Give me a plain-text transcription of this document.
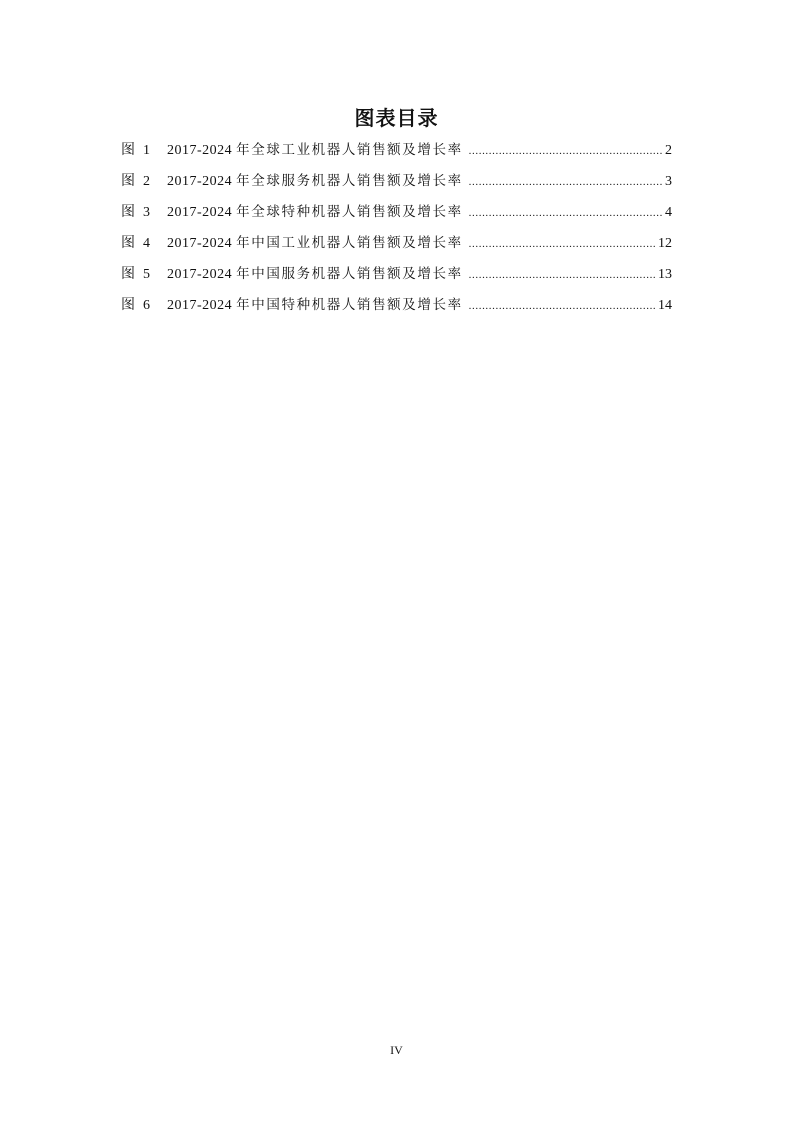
图表目录
图 1	2017-2024 年全球工业机器人销售额及增长率 .....	2
图 2	2017-2024 年全球服务机器人销售额及增长率 .....	3
图 3	2017-2024 年全球特种机器人销售额及增长率 .....	4
图 4	2017-2024 年中国工业机器人销售额及增长率 .....	12
图 5	2017-2024 年中国服务机器人销售额及增长率 .....	13
图 6	2017-2024 年中国特种机器人销售额及增长率 .....	14
IV
